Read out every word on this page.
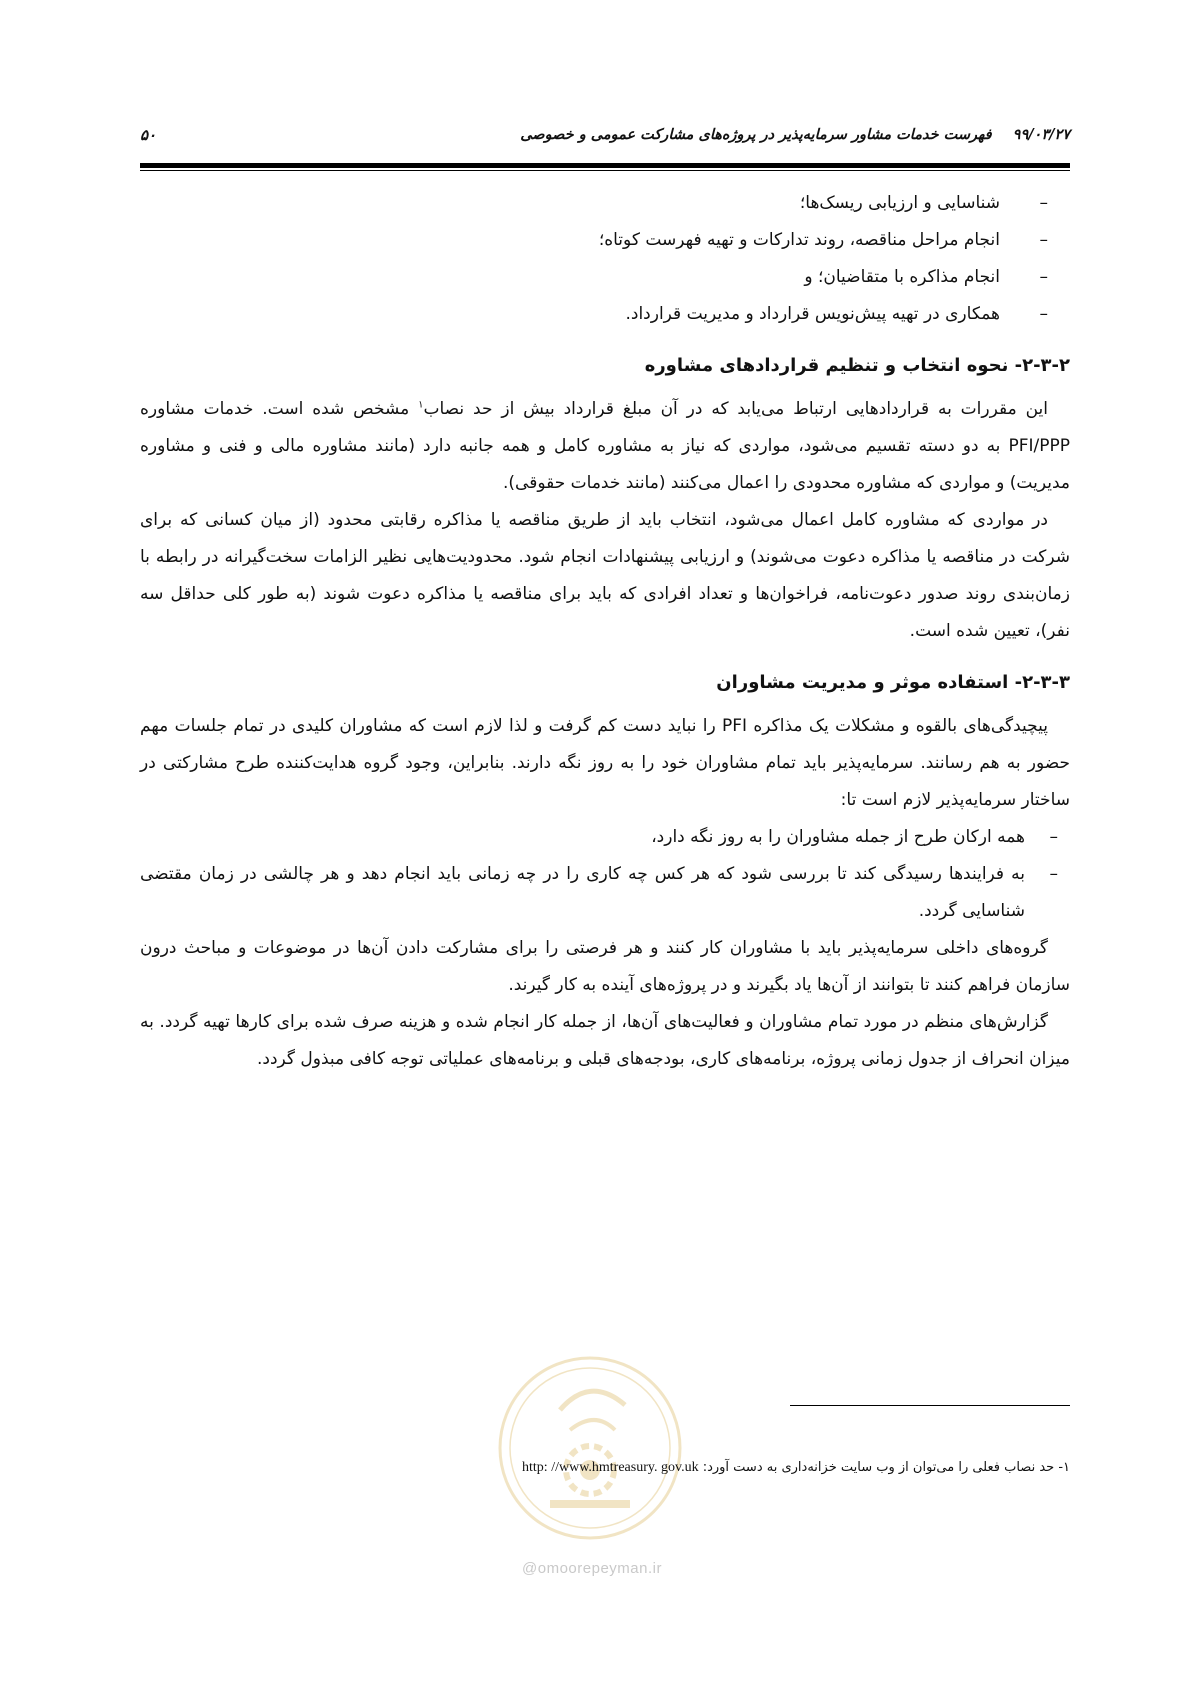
۹۹/۰۳/۲۷ فهرست خدمات مشاور سرمایه‌پذیر در پروژه‌های مشارکت عمومی و خصوصی
۵۰
–
شناسایی و ارزیابی ریسک‌ها؛
–
انجام مراحل مناقصه، روند تدارکات و تهیه فهرست کوتاه؛
–
انجام مذاکره با متقاضیان؛ و
–
همکاری در تهیه پیش‌نویس قرارداد و مدیریت قرارداد.
۲-۳-۲- نحوه انتخاب و تنظیم قراردادهای مشاوره

این مقررات به قراردادهایی ارتباط می‌یابد که در آن مبلغ قرارداد بیش از حد نصاب$^۱$ مشخص شده است. خدمات مشاوره PFI/PPP به دو دسته تقسیم می‌شود، مواردی که نیاز به مشاوره کامل و همه جانبه دارد (مانند مشاوره مالی و فنی و مشاوره مدیریت) و مواردی که مشاوره محدودی را اعمال می‌کنند (مانند خدمات حقوقی).

در مواردی که مشاوره کامل اعمال می‌شود، انتخاب باید از طریق مناقصه یا مذاکره رقابتی محدود (از میان کسانی که برای شرکت در مناقصه یا مذاکره دعوت می‌شوند) و ارزیابی پیشنهادات انجام شود. محدودیت‌هایی نظیر الزامات سخت‌گیرانه در رابطه با زمان‌بندی روند صدور دعوت‌نامه، فراخوان‌ها و تعداد افرادی که باید برای مناقصه یا مذاکره دعوت شوند (به طور کلی حداقل سه نفر)، تعیین شده است.

۲-۳-۳- استفاده موثر و مدیریت مشاوران

پیچیدگی‌های بالقوه و مشکلات یک مذاکره PFI را نباید دست کم گرفت و لذا لازم است که مشاوران کلیدی در تمام جلسات مهم حضور به هم رسانند. سرمایه‌پذیر باید تمام مشاوران خود را به روز نگه دارند. بنابراین، وجود گروه هدایت‌کننده طرح مشارکتی در ساختار سرمایه‌پذیر لازم است تا:

–
همه ارکان طرح از جمله مشاوران را به روز نگه دارد،
–
به فرایندها رسیدگی کند تا بررسی شود که هر کس چه کاری را در چه زمانی باید انجام دهد و هر چالشی در زمان مقتضی شناسایی گردد.

گروه‌های داخلی سرمایه‌پذیر باید با مشاوران کار کنند و هر فرصتی را برای مشارکت دادن آن‌ها در موضوعات و مباحث درون سازمان فراهم کنند تا بتوانند از آن‌ها یاد بگیرند و در پروژه‌های آینده به کار گیرند.

گزارش‌های منظم در مورد تمام مشاوران و فعالیت‌های آن‌ها، از جمله کار انجام شده و هزینه صرف شده برای کارها تهیه گردد. به میزان انحراف از جدول زمانی پروژه، برنامه‌های کاری، بودجه‌های قبلی و برنامه‌های عملیاتی توجه کافی مبذول گردد.

@omoorepeyman.ir
۱- حد نصاب فعلی را می‌توان از وب سایت خزانه‌داری به دست آورد: http: //www.hmtreasury. gov.uk
